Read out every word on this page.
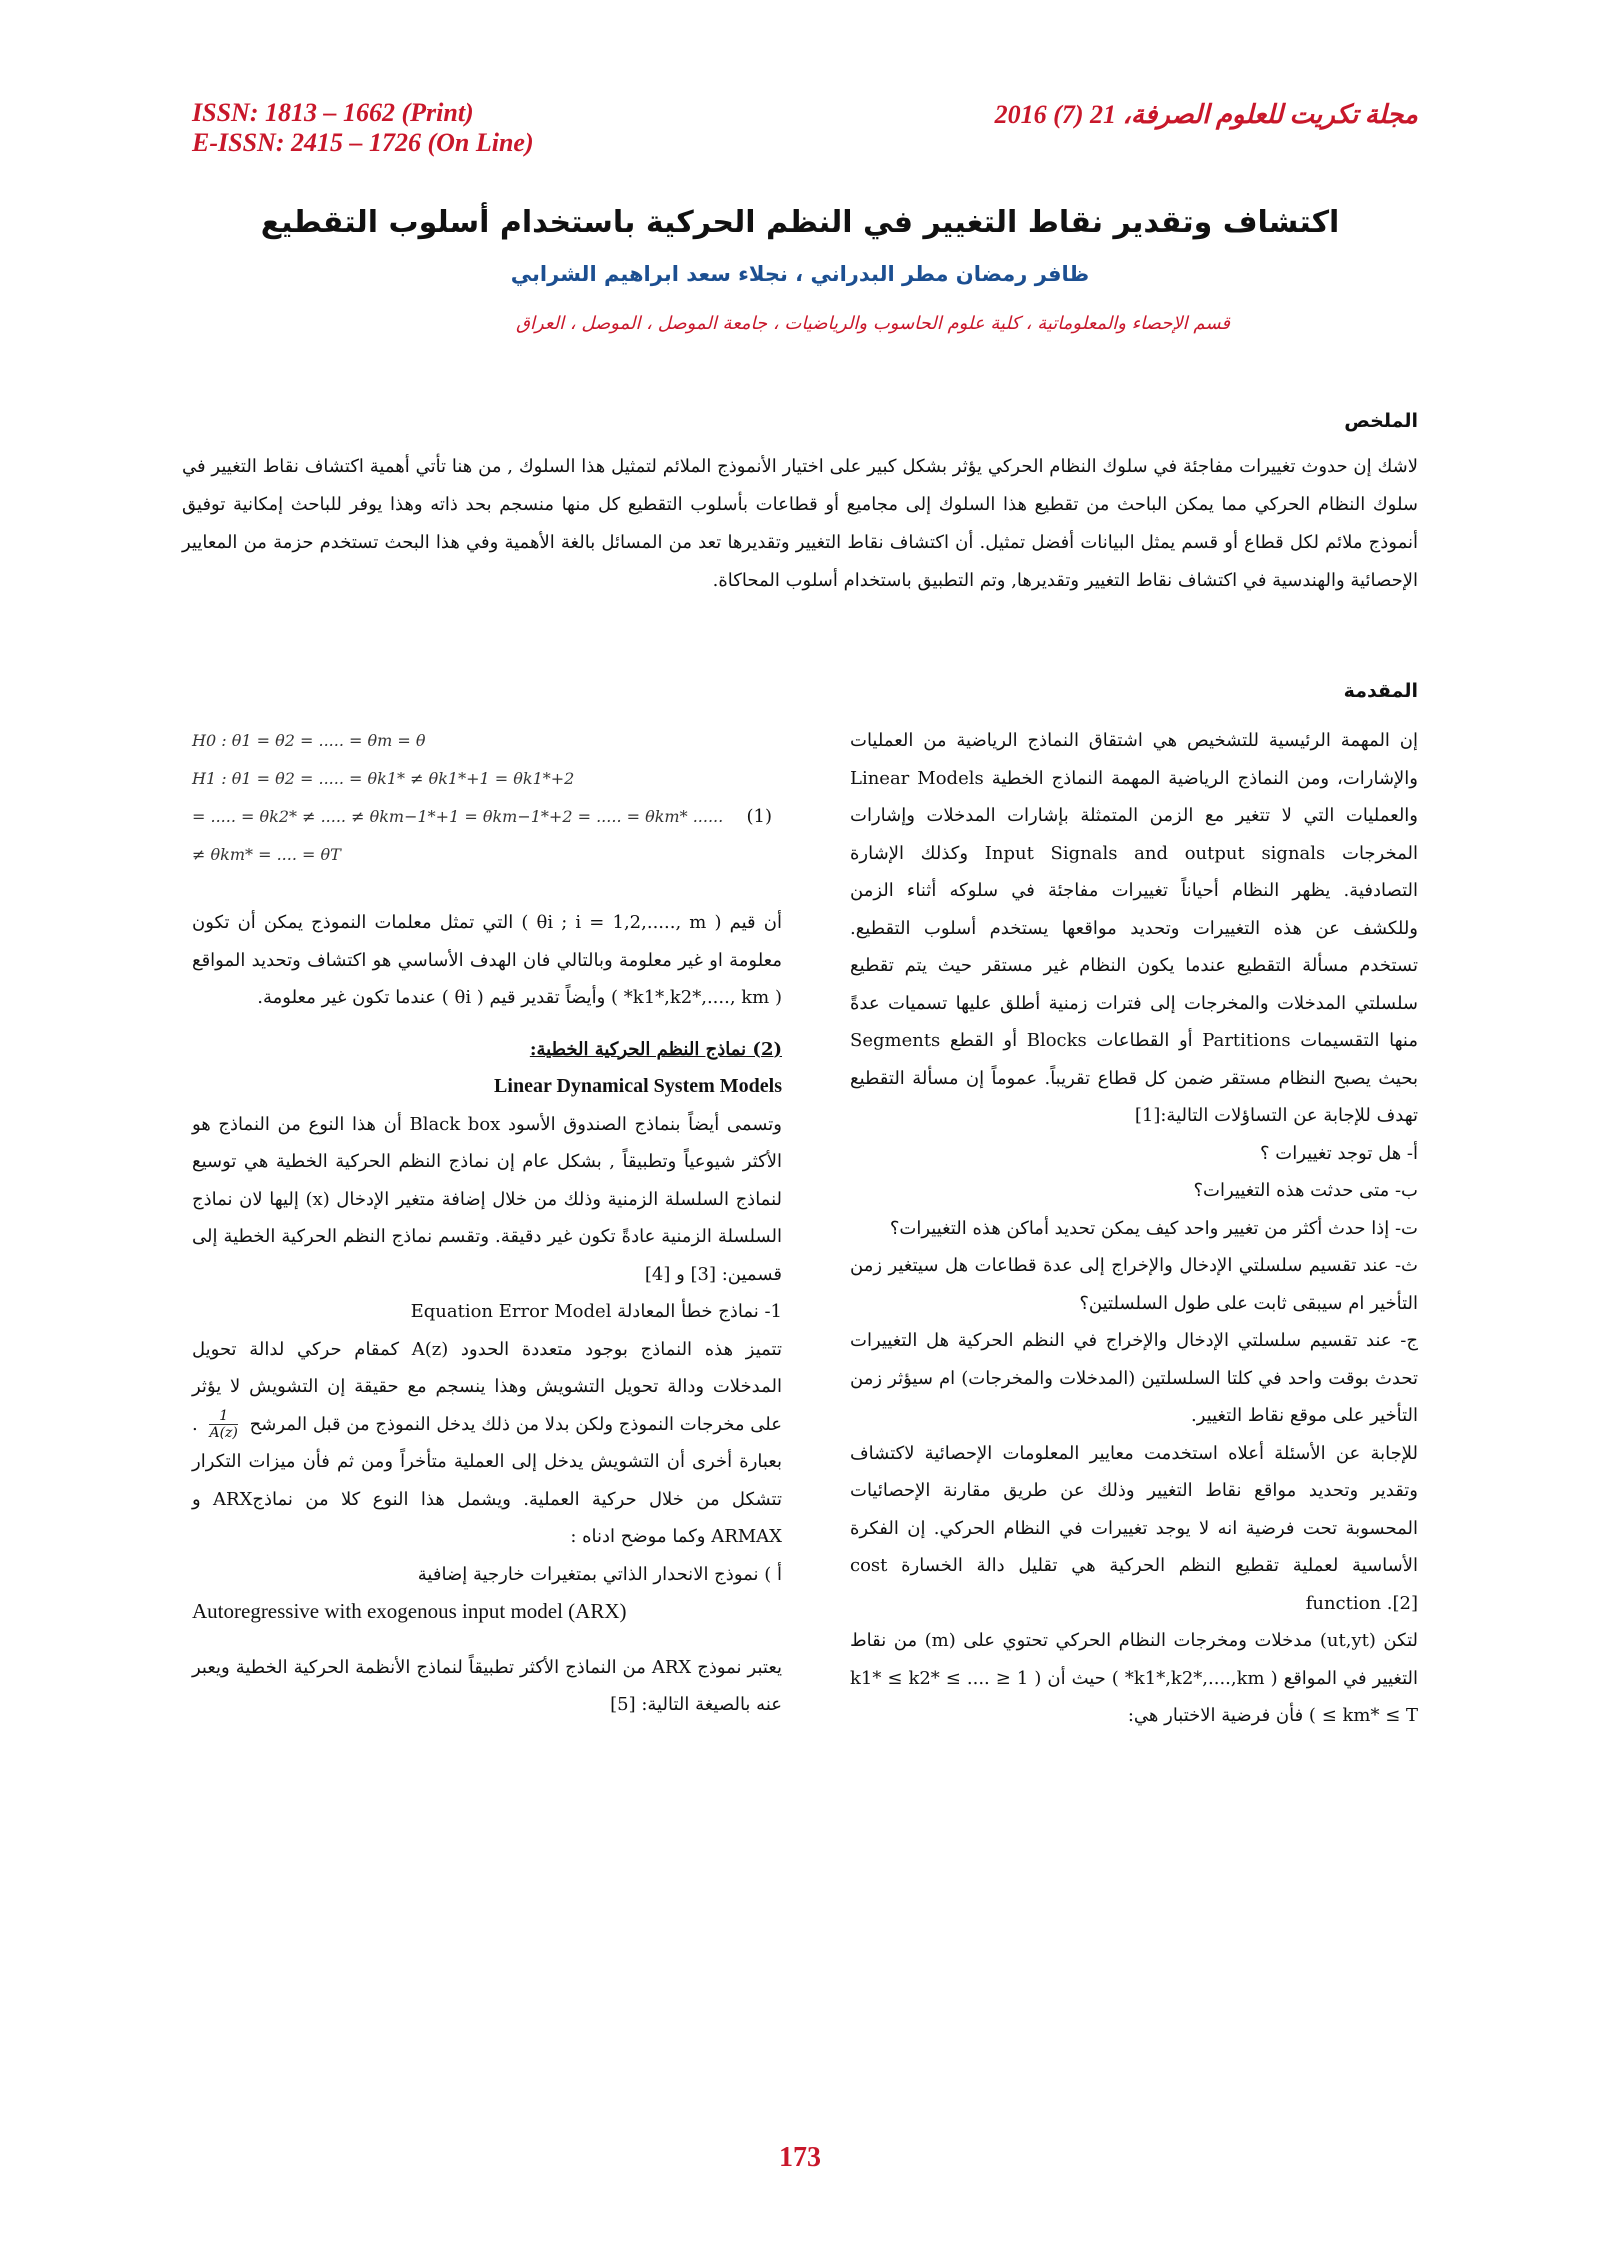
ISSN: 1813 – 1662 (Print)
E-ISSN: 2415 – 1726 (On Line)
مجلة تكريت للعلوم الصرفة، 21 (7) 2016
اكتشاف وتقدير نقاط التغيير في النظم الحركية باستخدام أسلوب التقطيع
ظافر رمضان مطر البدراني ، نجلاء سعد ابراهيم الشرابي
قسم الإحصاء والمعلوماتية ، كلية علوم الحاسوب والرياضيات ، جامعة الموصل ، الموصل ، العراق
الملخص
لاشك إن حدوث تغييرات مفاجئة في سلوك النظام الحركي يؤثر بشكل كبير على اختيار الأنموذج الملائم لتمثيل هذا السلوك , من هنا تأتي أهمية اكتشاف نقاط التغيير في سلوك النظام الحركي مما يمكن الباحث من تقطيع هذا السلوك إلى مجاميع أو قطاعات بأسلوب التقطيع كل منها منسجم بحد ذاته وهذا يوفر للباحث إمكانية توفيق أنموذج ملائم لكل قطاع أو قسم يمثل البيانات أفضل تمثيل. أن اكتشاف نقاط التغيير وتقديرها تعد من المسائل بالغة الأهمية وفي هذا البحث تستخدم حزمة من المعايير الإحصائية والهندسية في اكتشاف نقاط التغيير وتقديرها, وتم التطبيق باستخدام أسلوب المحاكاة.
المقدمة

إن المهمة الرئيسية للتشخيص هي اشتقاق النماذج الرياضية من العمليات والإشارات، ومن النماذج الرياضية المهمة النماذج الخطية Linear Models والعمليات التي لا تتغير مع الزمن المتمثلة بإشارات المدخلات وإشارات المخرجات Input Signals and output signals وكذلك الإشارة التصادفية. يظهر النظام أحياناً تغييرات مفاجئة في سلوكه أثناء الزمن وللكشف عن هذه التغييرات وتحديد مواقعها يستخدم أسلوب التقطيع. تستخدم مسألة التقطيع عندما يكون النظام غير مستقر حيث يتم تقطيع سلسلتي المدخلات والمخرجات إلى فترات زمنية أطلق عليها تسميات عدةً منها التقسيمات Partitions أو القطاعات Blocks أو القطع Segments بحيث يصبح النظام مستقر ضمن كل قطاع تقريباً. عموماً إن مسألة التقطيع تهدف للإجابة عن التساؤلات التالية:[1]

أ- هل توجد تغييرات ؟

ب- متى حدثت هذه التغييرات؟

ت- إذا حدث أكثر من تغيير واحد كيف يمكن تحديد أماكن هذه التغييرات؟

ث- عند تقسيم سلسلتي الإدخال والإخراج إلى عدة قطاعات هل سيتغير زمن التأخير ام سيبقى ثابت على طول السلسلتين؟

ج- عند تقسيم سلسلتي الإدخال والإخراج في النظم الحركية هل التغييرات تحدث بوقت واحد في كلتا السلسلتين (المدخلات والمخرجات) ام سيؤثر زمن التأخير على موقع نقاط التغيير.

للإجابة عن الأسئلة أعلاه استخدمت معايير المعلومات الإحصائية لاكتشاف وتقدير وتحديد مواقع نقاط التغيير وذلك عن طريق مقارنة الإحصائيات المحسوبة تحت فرضية انه لا يوجد تغييرات في النظام الحركي. إن الفكرة الأساسية لعملية تقطيع النظم الحركية هي تقليل دالة الخسارة cost function .[2]

لتكن (ut,yt) مدخلات ومخرجات النظام الحركي تحتوي على (m) من نقاط التغيير في المواقع ( k1*,k2*,....,km* ) حيث أن ( 1 ≤ k1* ≤ k2* ≤ .... ≤ km* ≤ T ) فأن فرضية الاختبار هي:

H0 : θ1 = θ2 = ..... = θm = θ
H1 : θ1 = θ2 = ..... = θk1* ≠ θk1*+1 = θk1*+2
= ..... = θk2* ≠ ..... ≠ θkm−1*+1 = θkm−1*+2 = ..... = θkm* ...... (1)
≠ θkm* = .... = θT
أن قيم ( θi ; i = 1,2,....., m ) التي تمثل معلمات النموذج يمكن أن تكون معلومة او غير معلومة وبالتالي فان الهدف الأساسي هو اكتشاف وتحديد المواقع ( k1*,k2*,...., km* ) وأيضاً تقدير قيم ( θi ) عندما تكون غير معلومة.
(2) نماذج النظم الحركية الخطية:
Linear Dynamical System Models
وتسمى أيضاً بنماذج الصندوق الأسود Black box أن هذا النوع من النماذج هو الأكثر شيوعياً وتطبيقاً , بشكل عام إن نماذج النظم الحركية الخطية هي توسيع لنماذج السلسلة الزمنية وذلك من خلال إضافة متغير الإدخال (x) إليها لان نماذج السلسلة الزمنية عادةً تكون غير دقيقة. وتقسم نماذج النظم الحركية الخطية إلى قسمين: [3] و [4]
1- نماذج خطأ المعادلة Equation Error Model
تتميز هذه النماذج بوجود متعددة الحدود A(z) كمقام حركي لدالة تحويل المدخلات ودالة تحويل التشويش وهذا ينسجم مع حقيقة إن التشويش لا يؤثر على مخرجات النموذج ولكن بدلا من ذلك يدخل النموذج من قبل المرشح
$\frac{1}{A(z)}$
. بعبارة أخرى أن التشويش يدخل إلى العملية متأخراً ومن ثم فأن ميزات التكرار تتشكل من خلال حركية العملية. ويشمل هذا النوع كلا من نماذجARX و ARMAX وكما موضح ادناه :
أ ) نموذج الانحدار الذاتي بمتغيرات خارجية إضافية
Autoregressive with exogenous input model (ARX)
يعتبر نموذج ARX من النماذج الأكثر تطبيقاً لنماذج الأنظمة الحركية الخطية ويعبر عنه بالصيغة التالية: [5]
173
